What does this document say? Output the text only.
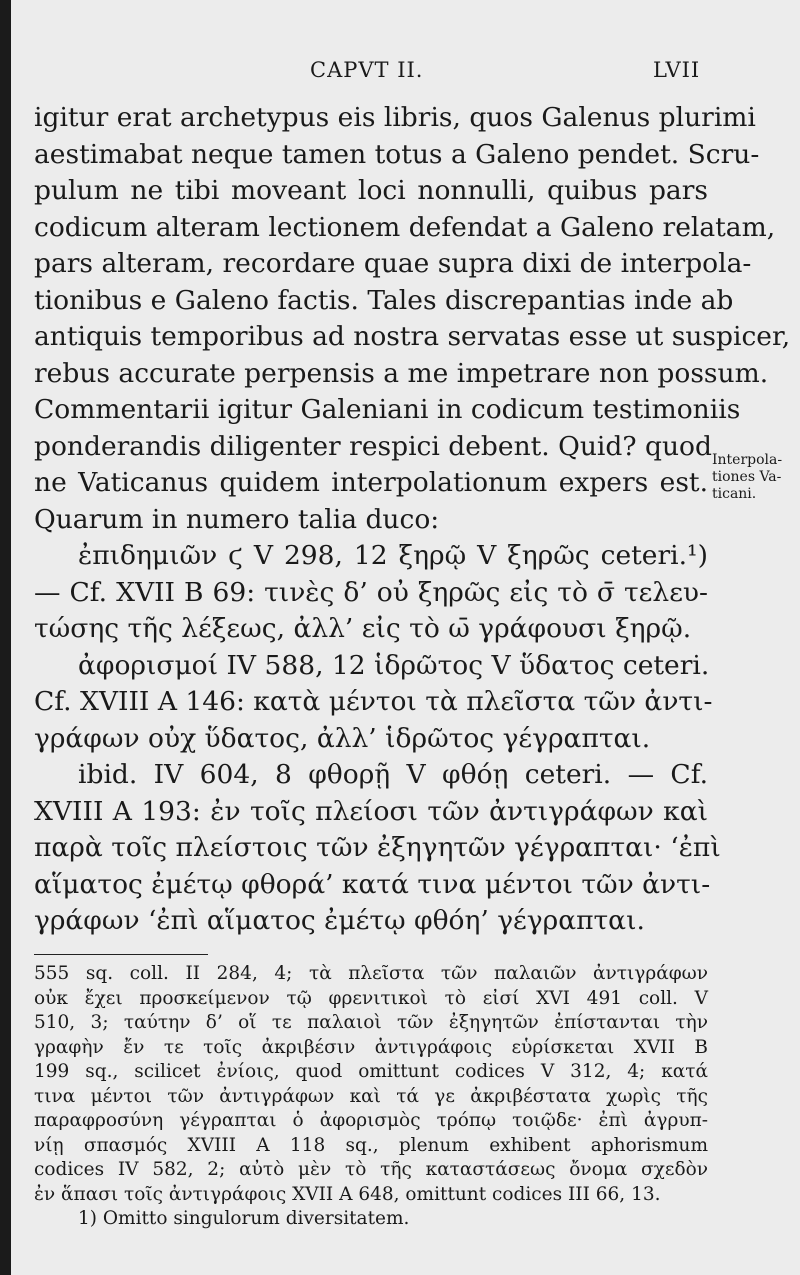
CAPVT II.	LVII
igitur erat archetypus eis libris, quos Galenus plurimi
aestimabat neque tamen totus a Galeno pendet. Scru-
pulum ne tibi moveant loci nonnulli, quibus pars
codicum alteram lectionem defendat a Galeno relatam,
pars alteram, recordare quae supra dixi de interpola-
tionibus e Galeno factis. Tales discrepantias inde ab
antiquis temporibus ad nostra servatas esse ut suspicer,
rebus accurate perpensis a me impetrare non possum.
Commentarii igitur Galeniani in codicum testimoniis
ponderandis diligenter respici debent. Quid? quod
ne Vaticanus quidem interpolationum expers est.
Quarum in numero talia duco:
ἐπιδημιῶν ϛ V 298, 12 ξηρῷ V ξηρῶς ceteri.¹)
— Cf. XVII B 69: τινὲς δ’ οὐ ξηρῶς εἰς τὸ σ̄ τελευ-
τώσης τῆς λέξεως, ἀλλ’ εἰς τὸ ω̄ γράφουσι ξηρῷ.
ἀφορισμοί IV 588, 12 ἱδρῶτος V ὕδατος ceteri.
Cf. XVIII A 146: κατὰ μέντοι τὰ πλεῖστα τῶν ἀντι-
γράφων οὐχ ὕδατος, ἀλλ’ ἱδρῶτος γέγραπται.
ibid. IV 604, 8 φθορῇ V φθόῃ ceteri. — Cf.
XVIII A 193: ἐν τοῖς πλείοσι τῶν ἀντιγράφων καὶ
παρὰ τοῖς πλείστοις τῶν ἐξηγητῶν γέγραπται· ‘ἐπὶ
αἵματος ἐμέτῳ φθορά’ κατά τινα μέντοι τῶν ἀντι-
γράφων ‘ἐπὶ αἵματος ἐμέτῳ φθόη’ γέγραπται.
Interpola-
tiones Va-
ticani.
555 sq. coll. II 284, 4; τὰ πλεῖστα τῶν παλαιῶν ἀντιγράφων
οὐκ ἔχει προσκείμενον τῷ φρενιτικοὶ τὸ εἰσί XVI 491 coll. V
510, 3; ταύτην δ’ οἵ τε παλαιοὶ τῶν ἐξηγητῶν ἐπίστανται τὴν
γραφὴν ἔν τε τοῖς ἀκριβέσιν ἀντιγράφοις εὑρίσκεται XVII B
199 sq., scilicet ἐνίοις, quod omittunt codices V 312, 4; κατά
τινα μέντοι τῶν ἀντιγράφων καὶ τά γε ἀκριβέστατα χωρὶς τῆς
παραφροσύνη γέγραπται ὁ ἀφορισμὸς τρόπῳ τοιῷδε· ἐπὶ ἀγρυπ-
νίῃ σπασμός XVIII A 118 sq., plenum exhibent aphorismum
codices IV 582, 2; αὐτὸ μὲν τὸ τῆς καταστάσεως ὄνομα σχεδὸν
ἐν ἅπασι τοῖς ἀντιγράφοις XVII A 648, omittunt codices III 66, 13.
1) Omitto singulorum diversitatem.
